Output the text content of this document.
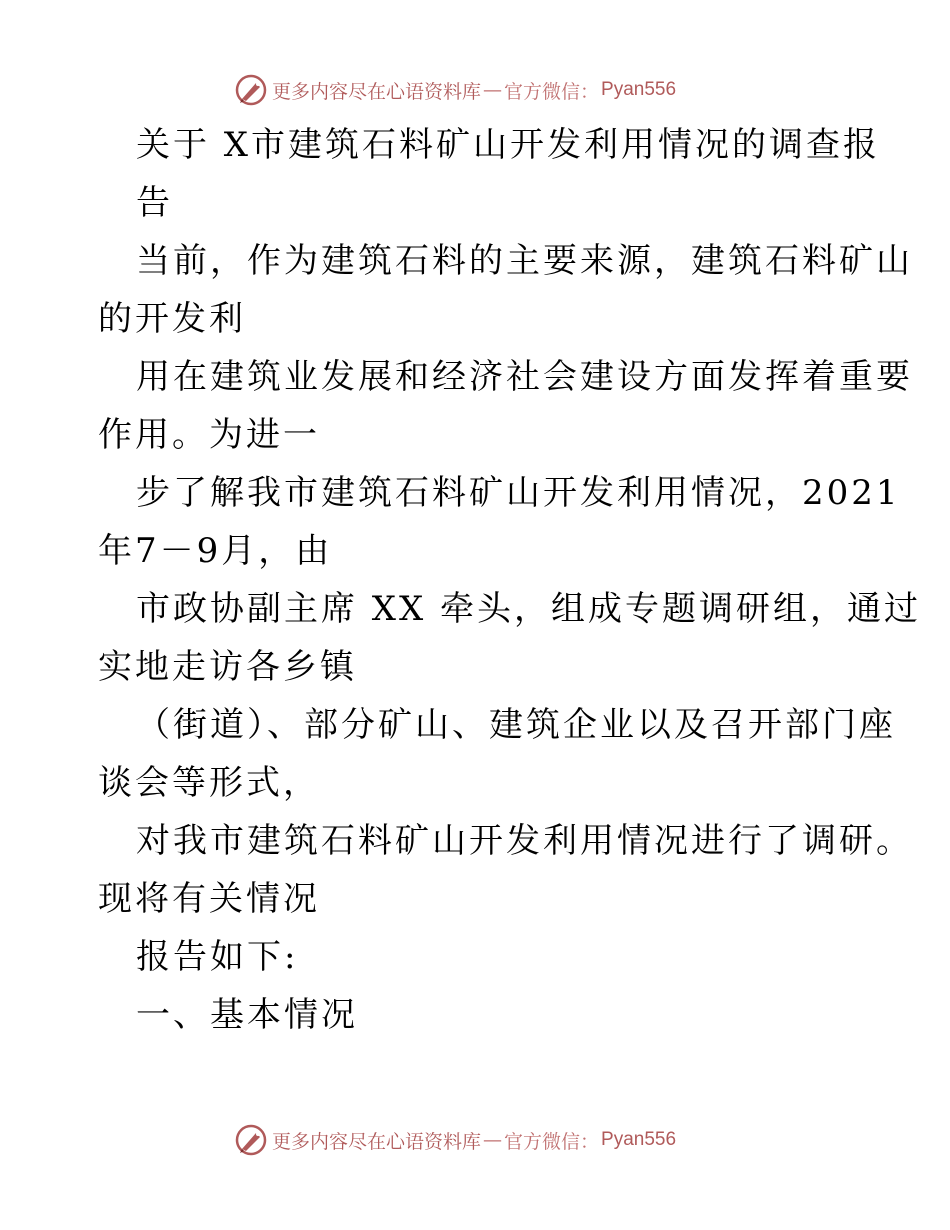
更多内容尽在心语资料库 — 官方微信： Pyan556
关于 X市建筑石料矿山开发利用情况的调查报
告
当前，作为建筑石料的主要来源，建筑石料矿山
的开发利
用在建筑业发展和经济社会建设方面发挥着重要
作用。为进一
步了解我市建筑石料矿山开发利用情况，2021
年7－9月，由
市政协副主席 XX 牵头，组成专题调研组，通过
实地走访各乡镇
（街道）、部分矿山、建筑企业以及召开部门座
谈会等形式，
对我市建筑石料矿山开发利用情况进行了调研。
现将有关情况
报告如下:
一、基本情况
更多内容尽在心语资料库 — 官方微信： Pyan556
